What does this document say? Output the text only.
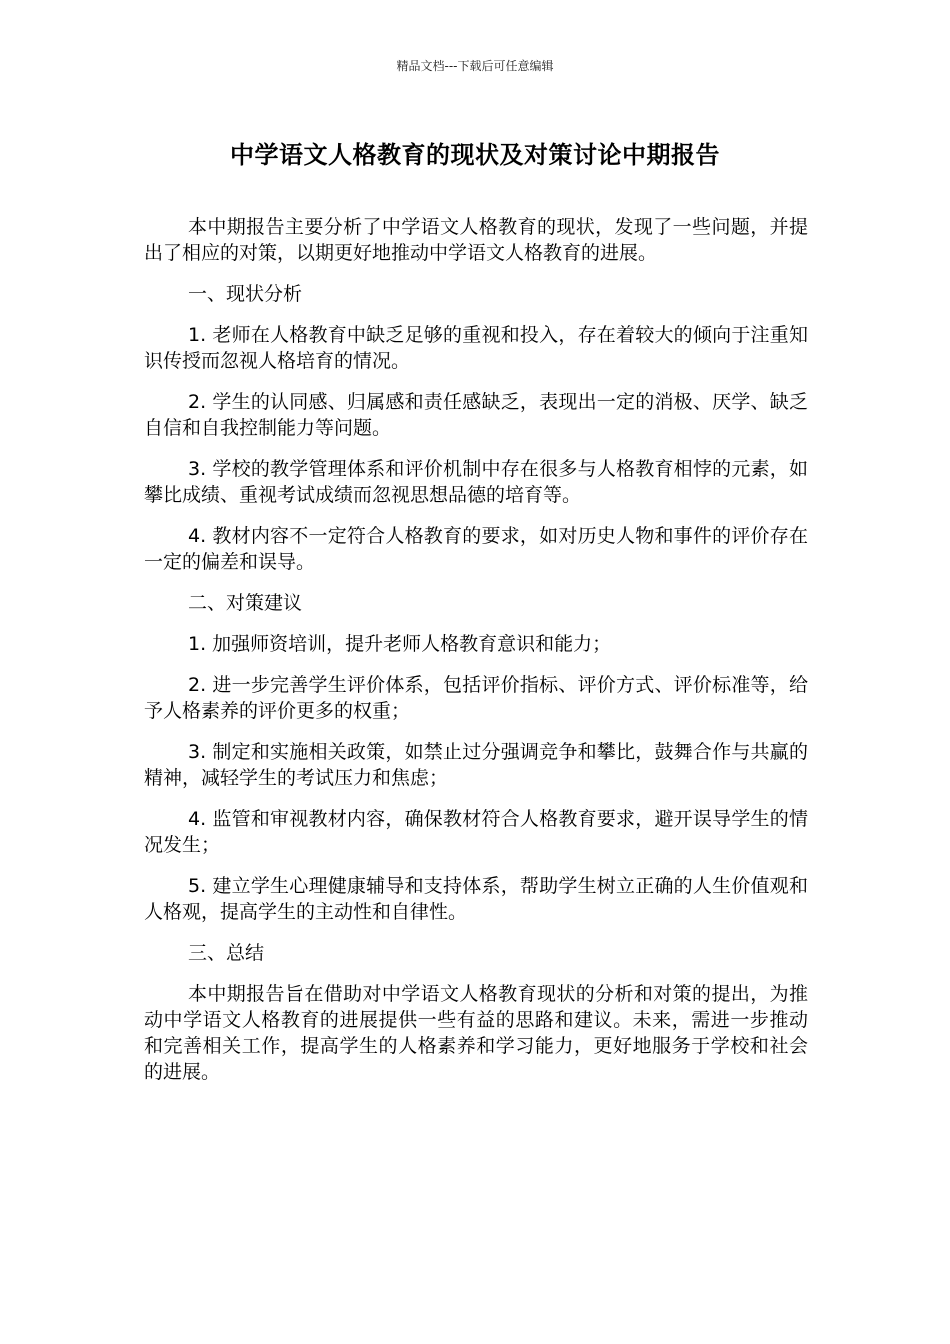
精品文档---下载后可任意编辑
中学语文人格教育的现状及对策讨论中期报告

本中期报告主要分析了中学语文人格教育的现状，发现了一些问题，并提出了相应的对策，以期更好地推动中学语文人格教育的进展。

一、现状分析

1. 老师在人格教育中缺乏足够的重视和投入，存在着较大的倾向于注重知识传授而忽视人格培育的情况。

2. 学生的认同感、归属感和责任感缺乏，表现出一定的消极、厌学、缺乏自信和自我控制能力等问题。

3. 学校的教学管理体系和评价机制中存在很多与人格教育相悖的元素，如攀比成绩、重视考试成绩而忽视思想品德的培育等。

4. 教材内容不一定符合人格教育的要求，如对历史人物和事件的评价存在一定的偏差和误导。

二、对策建议

1. 加强师资培训，提升老师人格教育意识和能力；

2. 进一步完善学生评价体系，包括评价指标、评价方式、评价标准等，给予人格素养的评价更多的权重；

3. 制定和实施相关政策，如禁止过分强调竞争和攀比，鼓舞合作与共赢的精神，减轻学生的考试压力和焦虑；

4. 监管和审视教材内容，确保教材符合人格教育要求，避开误导学生的情况发生；

5. 建立学生心理健康辅导和支持体系，帮助学生树立正确的人生价值观和人格观，提高学生的主动性和自律性。

三、总结

本中期报告旨在借助对中学语文人格教育现状的分析和对策的提出，为推动中学语文人格教育的进展提供一些有益的思路和建议。未来，需进一步推动和完善相关工作，提高学生的人格素养和学习能力，更好地服务于学校和社会的进展。
